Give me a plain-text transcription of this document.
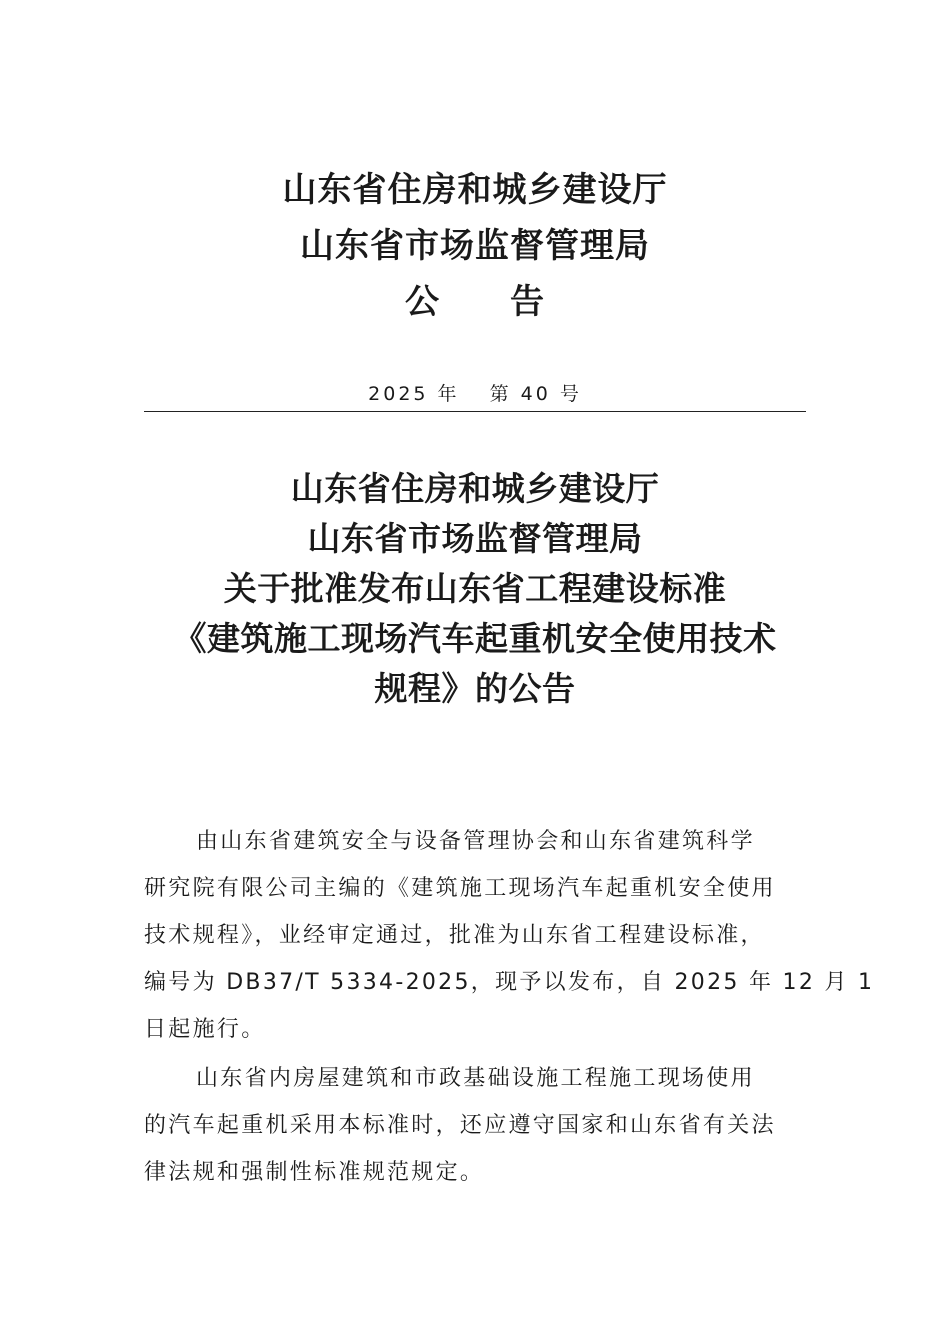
山东省住房和城乡建设厅
山东省市场监督管理局
公　　告
2025 年 第 40 号
山东省住房和城乡建设厅
山东省市场监督管理局
关于批准发布山东省工程建设标准
《建筑施工现场汽车起重机安全使用技术
规程》的公告

由山东省建筑安全与设备管理协会和山东省建筑科学
研究院有限公司主编的《建筑施工现场汽车起重机安全使用
技术规程》，业经审定通过，批准为山东省工程建设标准，
编号为 DB37/T 5334-2025，现予以发布，自 2025 年 12 月 1
日起施行。

山东省内房屋建筑和市政基础设施工程施工现场使用
的汽车起重机采用本标准时，还应遵守国家和山东省有关法
律法规和强制性标准规范规定。
